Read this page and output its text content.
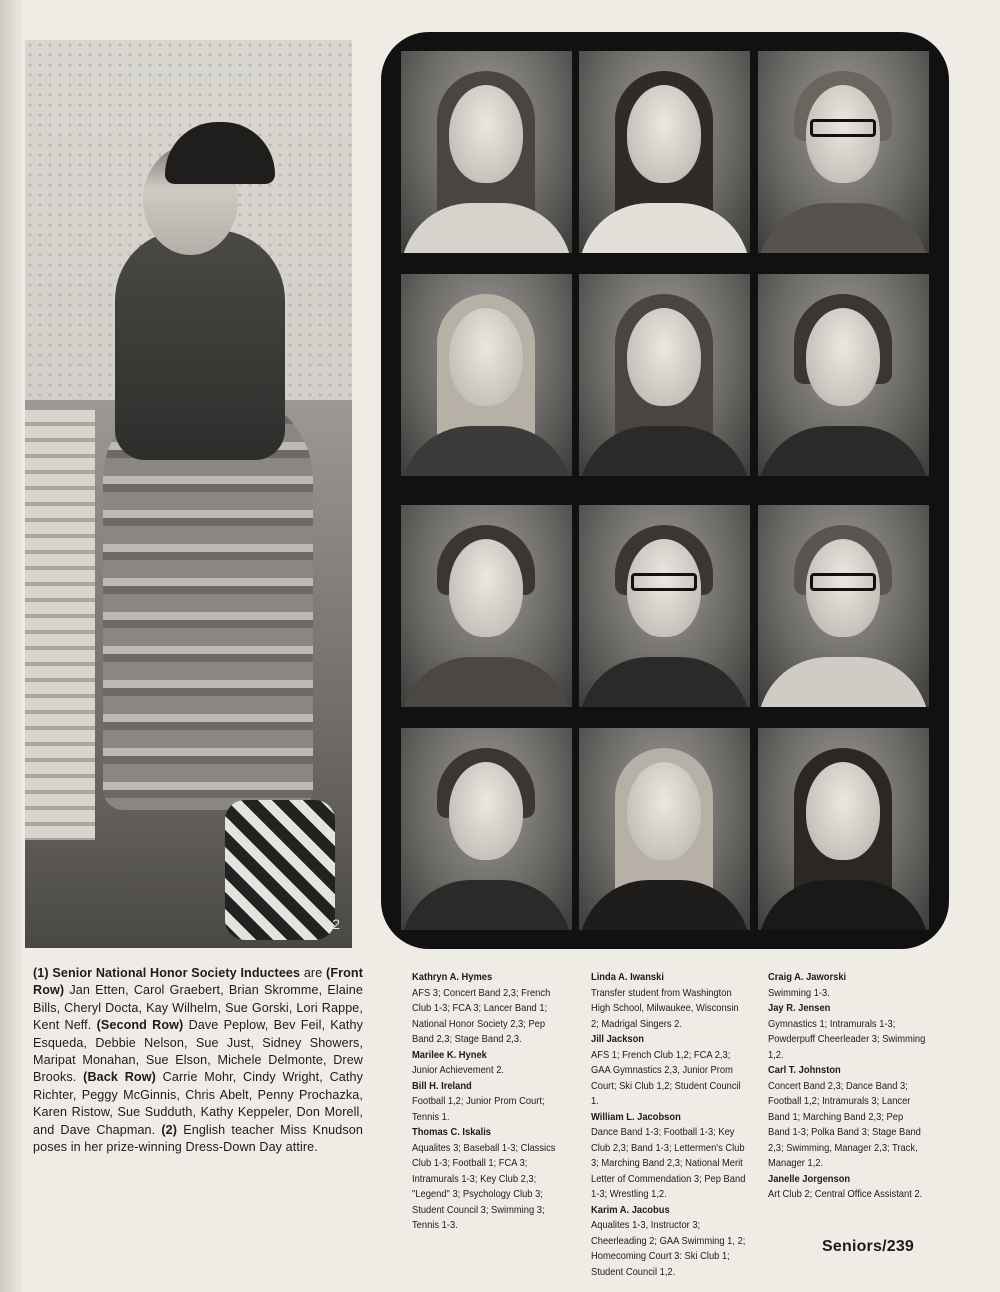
2
(1) Senior National Honor Society Inductees are (Front Row) Jan Etten, Carol Graebert, Brian Skromme, Elaine Bills, Cheryl Docta, Kay Wilhelm, Sue Gorski, Lori Rappe, Kent Neff. (Second Row) Dave Peplow, Bev Feil, Kathy Esqueda, Debbie Nelson, Sue Just, Sidney Showers, Maripat Monahan, Sue Elson, Michele Delmonte, Drew Brooks. (Back Row) Carrie Mohr, Cindy Wright, Cathy Richter, Peggy McGinnis, Chris Abelt, Penny Prochazka, Karen Ristow, Sue Sudduth, Kathy Keppeler, Don Morell, and Dave Chapman. (2) English teacher Miss Knudson poses in her prize-winning Dress-Down Day attire.
Kathryn A. Hymes
AFS 3; Concert Band 2,3; French Club 1-3; FCA 3; Lancer Band 1; National Honor Society 2,3; Pep Band 2,3; Stage Band 2,3.
Marilee K. Hynek
Junior Achievement 2.
Bill H. Ireland
Football 1,2; Junior Prom Court; Tennis 1.
Thomas C. Iskalis
Aqualites 3; Baseball 1-3; Classics Club 1-3; Football 1; FCA 3; Intramurals 1-3; Key Club 2,3; "Legend" 3; Psychology Club 3; Student Council 3; Swimming 3; Tennis 1-3.
Linda A. Iwanski
Transfer student from Washington High School, Milwaukee, Wisconsin 2; Madrigal Singers 2.
Jill Jackson
AFS 1; French Club 1,2; FCA 2,3; GAA Gymnastics 2,3, Junior Prom Court; Ski Club 1,2; Student Council 1.
William L. Jacobson
Dance Band 1-3; Football 1-3; Key Club 2,3; Band 1-3; Lettermen's Club 3; Marching Band 2,3; National Merit Letter of Commendation 3; Pep Band 1-3; Wrestling 1,2.
Karim A. Jacobus
Aqualites 1-3, Instructor 3; Cheerleading 2; GAA Swimming 1, 2; Homecoming Court 3: Ski Club 1; Student Council 1,2.
Craig A. Jaworski
Swimming 1-3.
Jay R. Jensen
Gymnastics 1; Intramurals 1-3; Powderpuff Cheerleader 3; Swimming 1,2.
Carl T. Johnston
Concert Band 2,3; Dance Band 3; Football 1,2; Intramurals 3; Lancer Band 1; Marching Band 2,3; Pep Band 1-3; Polka Band 3; Stage Band 2,3; Swimming, Manager 2,3; Track, Manager 1,2.
Janelle Jorgenson
Art Club 2; Central Office Assistant 2.
Seniors/239
